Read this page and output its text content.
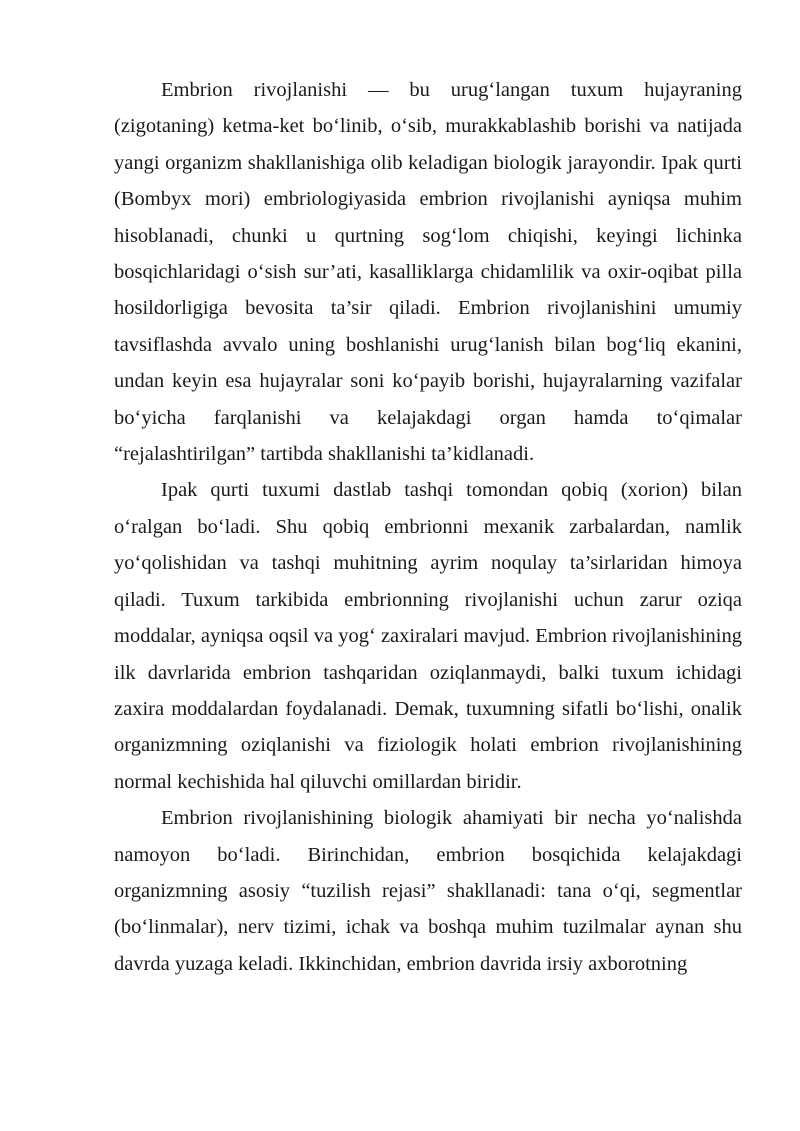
Embrion rivojlanishi — bu urug‘langan tuxum hujayraning (zigotaning) ketma-ket bo‘linib, o‘sib, murakkablashib borishi va natijada yangi organizm shakllanishiga olib keladigan biologik jarayondir. Ipak qurti (Bombyx mori) embriologiyasida embrion rivojlanishi ayniqsa muhim hisoblanadi, chunki u qurtning sog‘lom chiqishi, keyingi lichinka bosqichlaridagi o‘sish sur’ati, kasalliklarga chidamlilik va oxir-oqibat pilla hosildorligiga bevosita ta’sir qiladi. Embrion rivojlanishini umumiy tavsiflashda avvalo uning boshlanishi urug‘lanish bilan bog‘liq ekanini, undan keyin esa hujayralar soni ko‘payib borishi, hujayralarning vazifalar bo‘yicha farqlanishi va kelajakdagi organ hamda to‘qimalar “rejalashtirilgan” tartibda shakllanishi ta’kidlanadi.

Ipak qurti tuxumi dastlab tashqi tomondan qobiq (xorion) bilan o‘ralgan bo‘ladi. Shu qobiq embrionni mexanik zarbalardan, namlik yo‘qolishidan va tashqi muhitning ayrim noqulay ta’sirlaridan himoya qiladi. Tuxum tarkibida embrionning rivojlanishi uchun zarur oziqa moddalar, ayniqsa oqsil va yog‘ zaxiralari mavjud. Embrion rivojlanishining ilk davrlarida embrion tashqaridan oziqlanmaydi, balki tuxum ichidagi zaxira moddalardan foydalanadi. Demak, tuxumning sifatli bo‘lishi, onalik organizmning oziqlanishi va fiziologik holati embrion rivojlanishining normal kechishida hal qiluvchi omillardan biridir.

Embrion rivojlanishining biologik ahamiyati bir necha yo‘nalishda namoyon bo‘ladi. Birinchidan, embrion bosqichida kelajakdagi organizmning asosiy “tuzilish rejasi” shakllanadi: tana o‘qi, segmentlar (bo‘linmalar), nerv tizimi, ichak va boshqa muhim tuzilmalar aynan shu davrda yuzaga keladi. Ikkinchidan, embrion davrida irsiy axborotning
